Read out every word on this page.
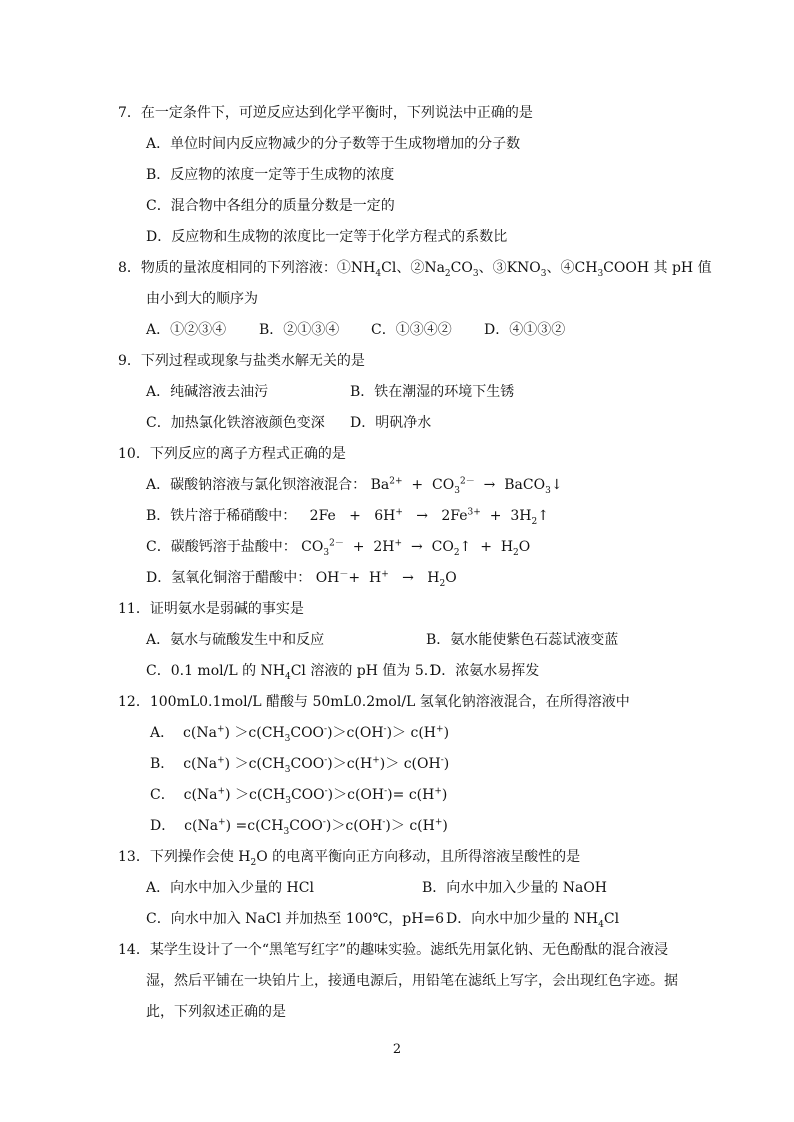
7．在一定条件下，可逆反应达到化学平衡时，下列说法中正确的是
A．单位时间内反应物减少的分子数等于生成物增加的分子数
B．反应物的浓度一定等于生成物的浓度
C．混合物中各组分的质量分数是一定的
D．反应物和生成物的浓度比一定等于化学方程式的系数比
8．物质的量浓度相同的下列溶液：$①NH_4Cl$、$②Na_2CO_3$、$③KNO_3$、$④CH_3COOH$ 其 pH 值
由小到大的顺序为
A．①②③④ B．②①③④ C．①③④② D．④①③②
9．下列过程或现象与盐类水解无关的是
A．纯碱溶液去油污	B．铁在潮湿的环境下生锈
C．加热氯化铁溶液颜色变深 D．明矾净水
10．下列反应的离子方程式正确的是
A．碳酸钠溶液与氯化钡溶液混合： $Ba^{2+} + CO_3^{2-}$ → BaCO$_3$↓
B．铁片溶于稀硝酸中： $2Fe + 6H^+ \to 2Fe^{3+}$ + $3H_2↑$
C．碳酸钙溶于盐酸中： $CO_3^{2-} + 2H^+$ → $CO_2↑ + H_2O$
D．氢氧化铜溶于醋酸中： $OH^-+ H^+ \to H_2O$
11．证明氨水是弱碱的事实是
A．氨水与硫酸发生中和反应	B．氨水能使紫色石蕊试液变蓝
C．0.1 mol/L 的 $NH_4Cl$ 溶液的 pH 值为 5.1
D．浓氨水易挥发
12．100mL0.1mol/L 醋酸与 50mL0.2mol/L 氢氧化钠溶液混合，在所得溶液中
A． $c(Na^+) >c(CH_3COO^-)>c(OH^-)> c(H^+)$
B． $c(Na^+) >c(CH_3COO^-)>c(H^+)> c(OH^-)$
C． $c(Na^+) >c(CH_3COO^-)>c(OH^-)= c(H^+)$
D． $c(Na^+) =c(CH_3COO^-)>c(OH^-)> c(H^+)$
13．下列操作会使 $H_2O$ 的电离平衡向正方向移动，且所得溶液呈酸性的是
A．向水中加入少量的 HCl	B．向水中加入少量的 NaOH
C．向水中加入 NaCl 并加热至 100℃，pH=6 D．向水中加少量的 $NH_4Cl$
14．某学生设计了一个“黑笔写红字”的趣味实验。滤纸先用氯化钠、无色酚酞的混合液浸
湿，然后平铺在一块铂片上，接通电源后，用铅笔在滤纸上写字，会出现红色字迹。据
此，下列叙述正确的是
2
